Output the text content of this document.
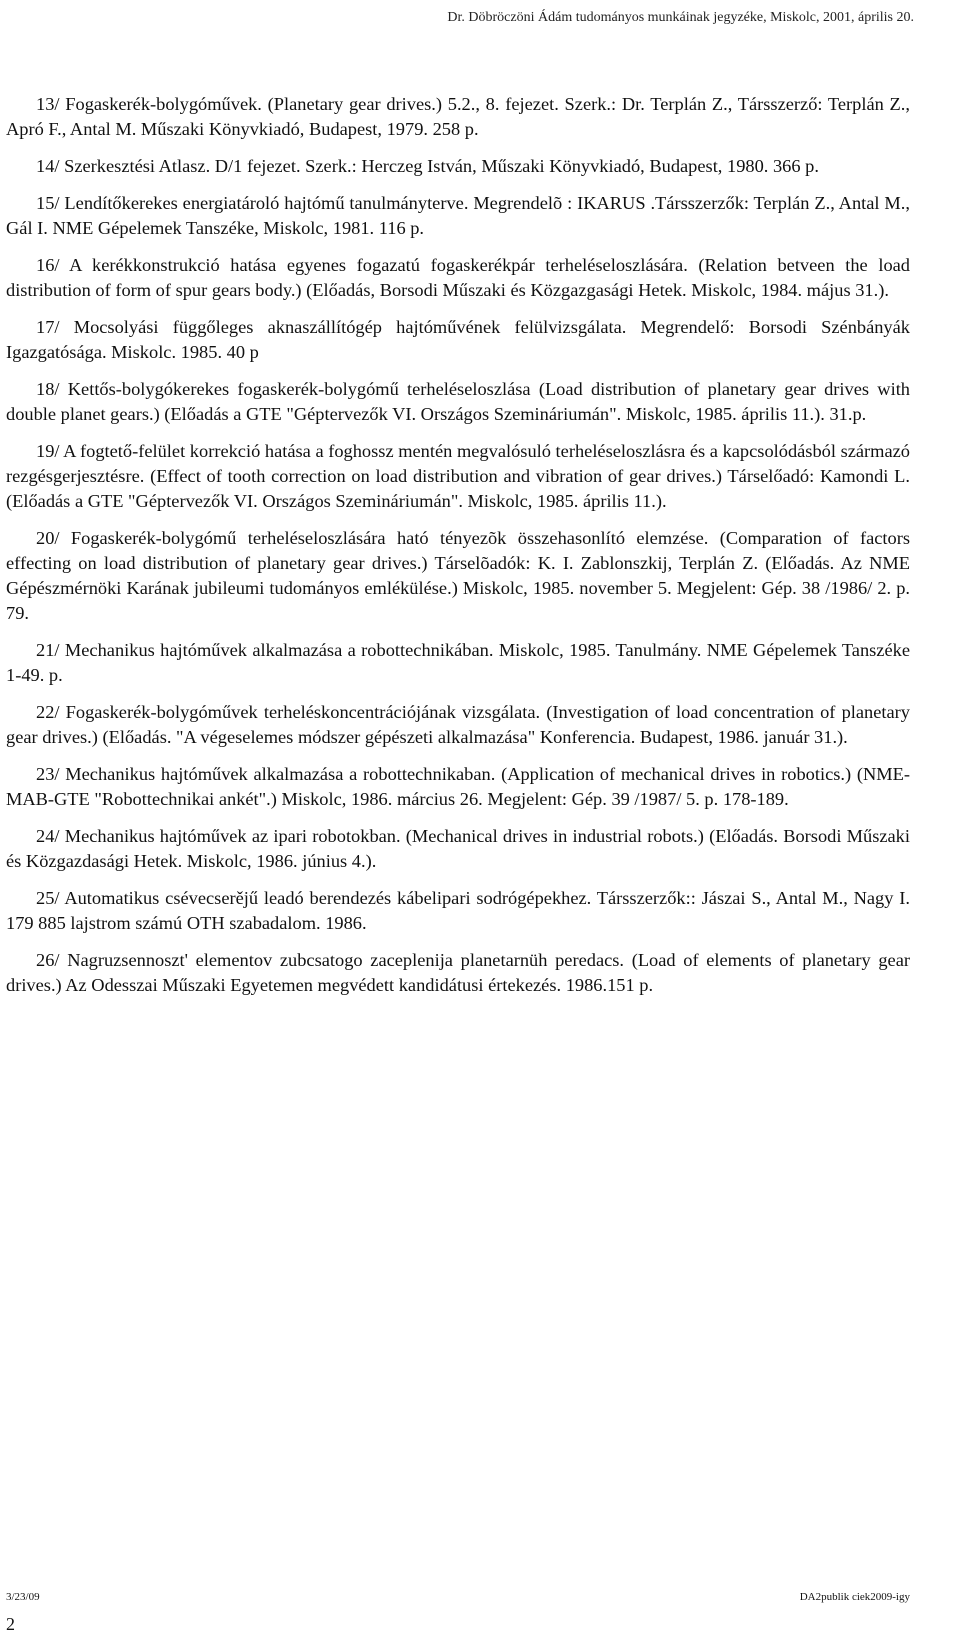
Dr. Döbröczöni Ádám tudományos munkáinak jegyzéke, Miskolc, 2001, április 20.

13/ Fogaskerék-bolygóművek. (Planetary gear drives.) 5.2., 8. fejezet. Szerk.: Dr. Terplán Z., Társszerző: Terplán Z., Apró F., Antal M. Műszaki Könyvkiadó, Budapest, 1979. 258 p.

14/ Szerkesztési Atlasz. D/1 fejezet. Szerk.: Herczeg István, Műszaki Könyvkiadó, Budapest, 1980. 366 p.

15/ Lendítőkerekes energiatároló hajtómű tanulmányterve. Megrendelõ : IKARUS .Társszerzők: Terplán Z., Antal M., Gál I. NME Gépelemek Tanszéke, Miskolc, 1981. 116 p.

16/ A kerékkonstrukció hatása egyenes fogazatú fogaskerékpár terheléseloszlására. (Relation betveen the load distribution of form of spur gears body.) (Előadás, Borsodi Műszaki és Közgazgasági Hetek. Miskolc, 1984. május 31.).

17/ Mocsolyási függőleges aknaszállítógép hajtóművének felülvizsgálata. Megrendelő: Borsodi Szénbányák Igazgatósága. Miskolc. 1985. 40 p

18/ Kettős-bolygókerekes fogaskerék-bolygómű terheléseloszlása (Load distribution of planetary gear drives with double planet gears.) (Előadás a GTE "Géptervezők VI. Országos Szemináriumán". Miskolc, 1985. április 11.). 31.p.

19/ A fogtető-felület korrekció hatása a foghossz mentén megvalósuló terheléseloszlásra és a kapcsolódásból származó rezgésgerjesztésre. (Effect of tooth correction on load distribution and vibration of gear drives.) Társelőadó: Kamondi L. (Előadás a GTE "Géptervezők VI. Országos Szemináriumán". Miskolc, 1985. április 11.).

20/ Fogaskerék-bolygómű terheléseloszlására ható tényezõk összehasonlító elemzése. (Comparation of factors effecting on load distribution of planetary gear drives.) Társelõadók: K. I. Zablonszkij, Terplán Z. (Előadás. Az NME Gépészmérnöki Karának jubileumi tudományos emlékülése.) Miskolc, 1985. november 5. Megjelent: Gép. 38 /1986/ 2. p. 79.

21/ Mechanikus hajtóművek alkalmazása a robottechnikában. Miskolc, 1985. Tanulmány. NME Gépelemek Tanszéke 1-49. p.

22/ Fogaskerék-bolygóművek terheléskoncentrációjának vizsgálata. (Investigation of load concentration of planetary gear drives.) (Előadás. "A végeselemes módszer gépészeti alkalmazása" Konferencia. Budapest, 1986. január 31.).

23/ Mechanikus hajtóművek alkalmazása a robottechnikaban. (Application of mechanical drives in robotics.) (NME-MAB-GTE "Robottechnikai ankét".) Miskolc, 1986. március 26. Megjelent: Gép. 39 /1987/ 5. p. 178-189.

24/ Mechanikus hajtóművek az ipari robotokban. (Mechanical drives in industrial robots.) (Előadás. Borsodi Műszaki és Közgazdasági Hetek. Miskolc, 1986. június 4.).

25/ Automatikus csévecserějű leadó berendezés kábelipari sodrógépekhez. Társszerzők:: Jászai S., Antal M., Nagy I. 179 885 lajstrom számú OTH szabadalom. 1986.

26/ Nagruzsennoszt' elementov zubcsatogo zaceplenija planetarnüh peredacs. (Load of elements of planetary gear drives.) Az Odesszai Műszaki Egyetemen megvédett kandidátusi értekezés. 1986.151 p.

3/23/09	DA2publik ciek2009-igy
2
